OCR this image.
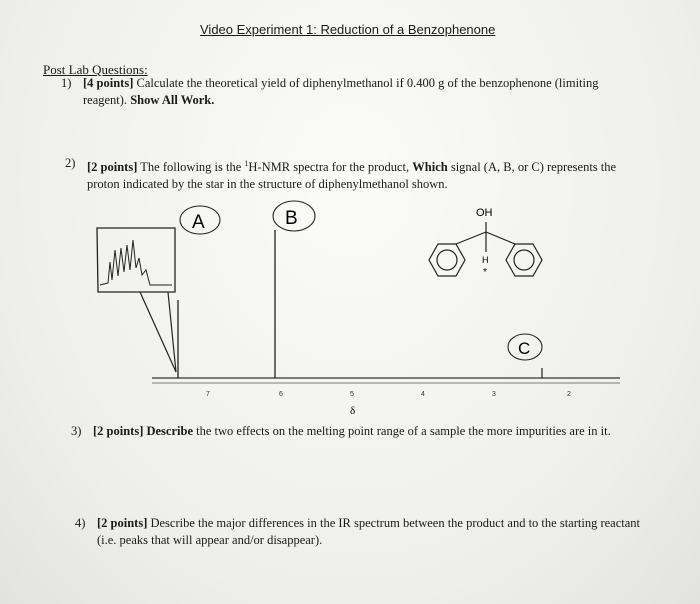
Video Experiment 1: Reduction of a Benzophenone
Post Lab Questions:
1) [4 points] Calculate the theoretical yield of diphenylmethanol if 0.400 g of the benzophenone (limiting reagent). Show All Work.
2) [2 points] The following is the $^1$H-NMR spectra for the product, Which signal (A, B, or C) represents the proton indicated by the star in the structure of diphenylmethanol shown.
7	6	5	4	3	2
δ
A	B
C
OH
H
*
3) [2 points] Describe the two effects on the melting point range of a sample the more impurities are in it.
4) [2 points] Describe the major differences in the IR spectrum between the product and to the starting reactant (i.e. peaks that will appear and/or disappear).
